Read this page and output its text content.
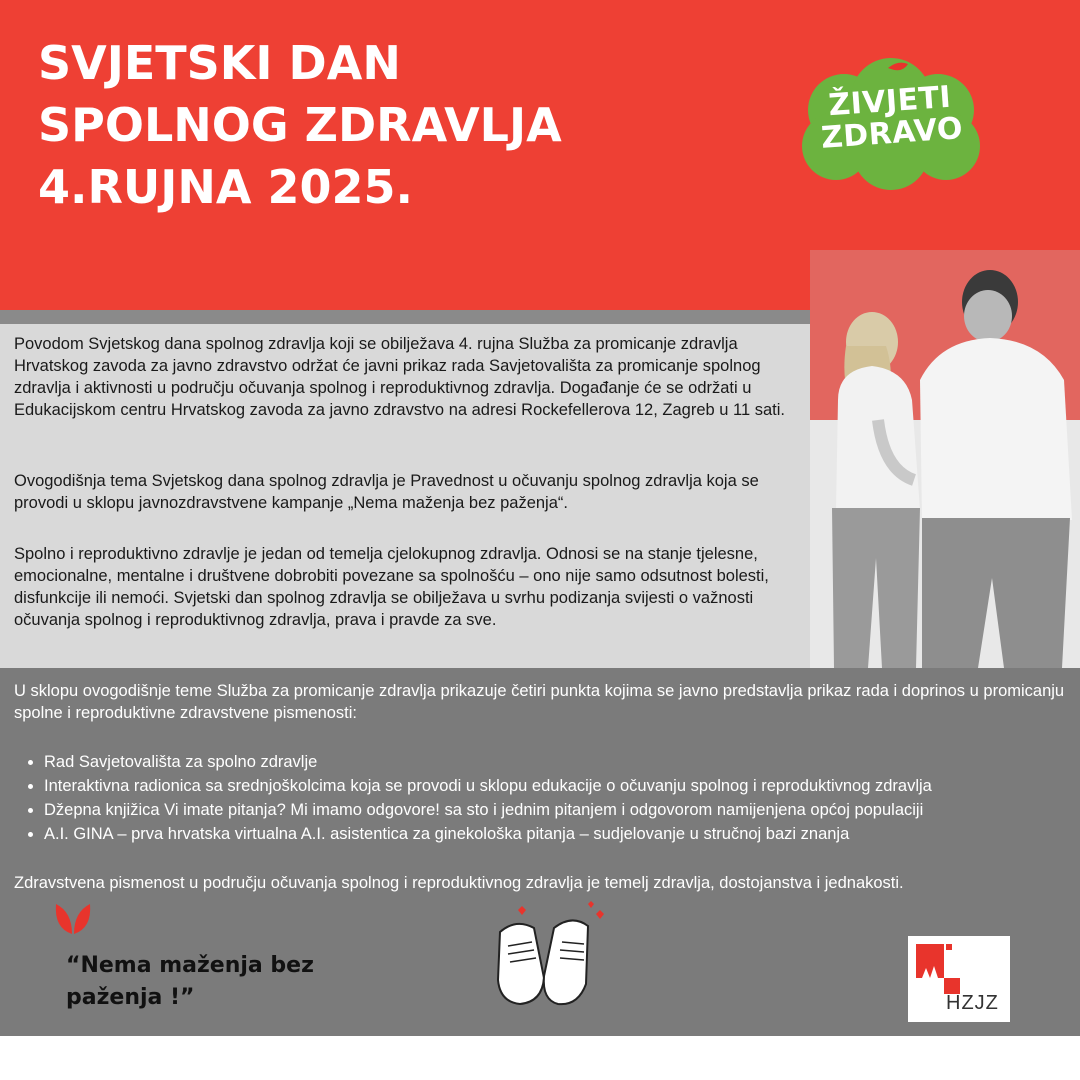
SVJETSKI DAN
SPOLNOG ZDRAVLJA
4.RUJNA 2025.
ŽIVJETI
ZDRAVO

Povodom Svjetskog dana spolnog zdravlja koji se obilježava 4. rujna Služba za promicanje zdravlja Hrvatskog zavoda za javno zdravstvo održat će javni prikaz rada Savjetovališta za promicanje spolnog zdravlja i aktivnosti u području očuvanja spolnog i reproduktivnog zdravlja. Događanje će se održati u Edukacijskom centru Hrvatskog zavoda za javno zdravstvo na adresi Rockefellerova 12, Zagreb u 11 sati.

Ovogodišnja tema Svjetskog dana spolnog zdravlja je Pravednost u očuvanju spolnog zdravlja koja se provodi u sklopu javnozdravstvene kampanje „Nema maženja bez paženja“.

Spolno i reproduktivno zdravlje je jedan od temelja cjelokupnog zdravlja. Odnosi se na stanje tjelesne, emocionalne, mentalne i društvene dobrobiti povezane sa spolnošću – ono nije samo odsutnost bolesti, disfunkcije ili nemoći. Svjetski dan spolnog zdravlja se obilježava u svrhu podizanja svijesti o važnosti očuvanja spolnog i reproduktivnog zdravlja, prava i pravde za sve.

U sklopu ovogodišnje teme Služba za promicanje zdravlja prikazuje četiri punkta kojima se javno predstavlja prikaz rada i doprinos u promicanju spolne i reproduktivne zdravstvene pismenosti:

• Rad Savjetovališta za spolno zdravlje
• Interaktivna radionica sa srednjoškolcima koja se provodi u sklopu edukacije o očuvanju spolnog i reproduktivnog zdravlja
• Džepna knjižica Vi imate pitanja? Mi imamo odgovore! sa sto i jednim pitanjem i odgovorom namijenjena općoj populaciji
• A.I. GINA – prva hrvatska virtualna A.I. asistentica za ginekološka pitanja – sudjelovanje u stručnoj bazi znanja

Zdravstvena pismenost u području očuvanja spolnog i reproduktivnog zdravlja je temelj zdravlja, dostojanstva i jednakosti.

“Nema maženja bez
paženja !”	HZJZ
